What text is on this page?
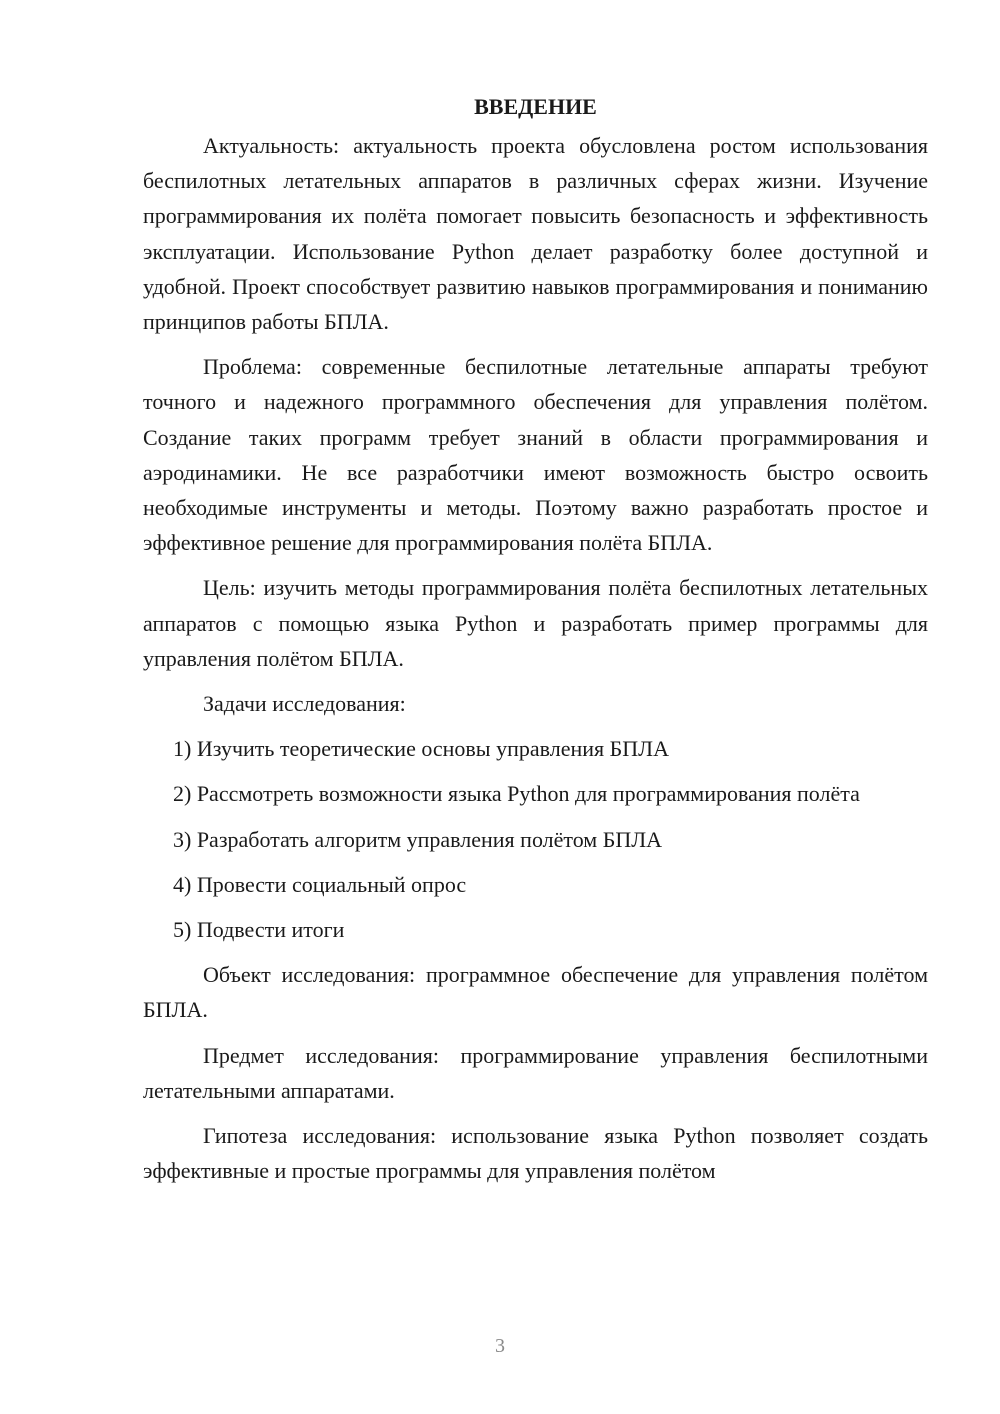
ВВЕДЕНИЕ

Актуальность: актуальность проекта обусловлена ростом использования беспилотных летательных аппаратов в различных сферах жизни. Изучение программирования их полёта помогает повысить безопасность и эффективность эксплуатации. Использование Python делает разработку более доступной и удобной. Проект способствует развитию навыков программирования и пониманию принципов работы БПЛА.

Проблема: современные беспилотные летательные аппараты требуют точного и надежного программного обеспечения для управления полётом. Создание таких программ требует знаний в области программирования и аэродинамики. Не все разработчики имеют возможность быстро освоить необходимые инструменты и методы. Поэтому важно разработать простое и эффективное решение для программирования полёта БПЛА.

Цель: изучить методы программирования полёта беспилотных летательных аппаратов с помощью языка Python и разработать пример программы для управления полётом БПЛА.

Задачи исследования:

1) Изучить теоретические основы управления БПЛА

2) Рассмотреть возможности языка Python для программирования полёта

3) Разработать алгоритм управления полётом БПЛА

4) Провести социальный опрос

5) Подвести итоги

Объект исследования: программное обеспечение для управления полётом БПЛА.

Предмет исследования: программирование управления беспилотными летательными аппаратами.

Гипотеза исследования: использование языка Python позволяет создать эффективные и простые программы для управления полётом

3
